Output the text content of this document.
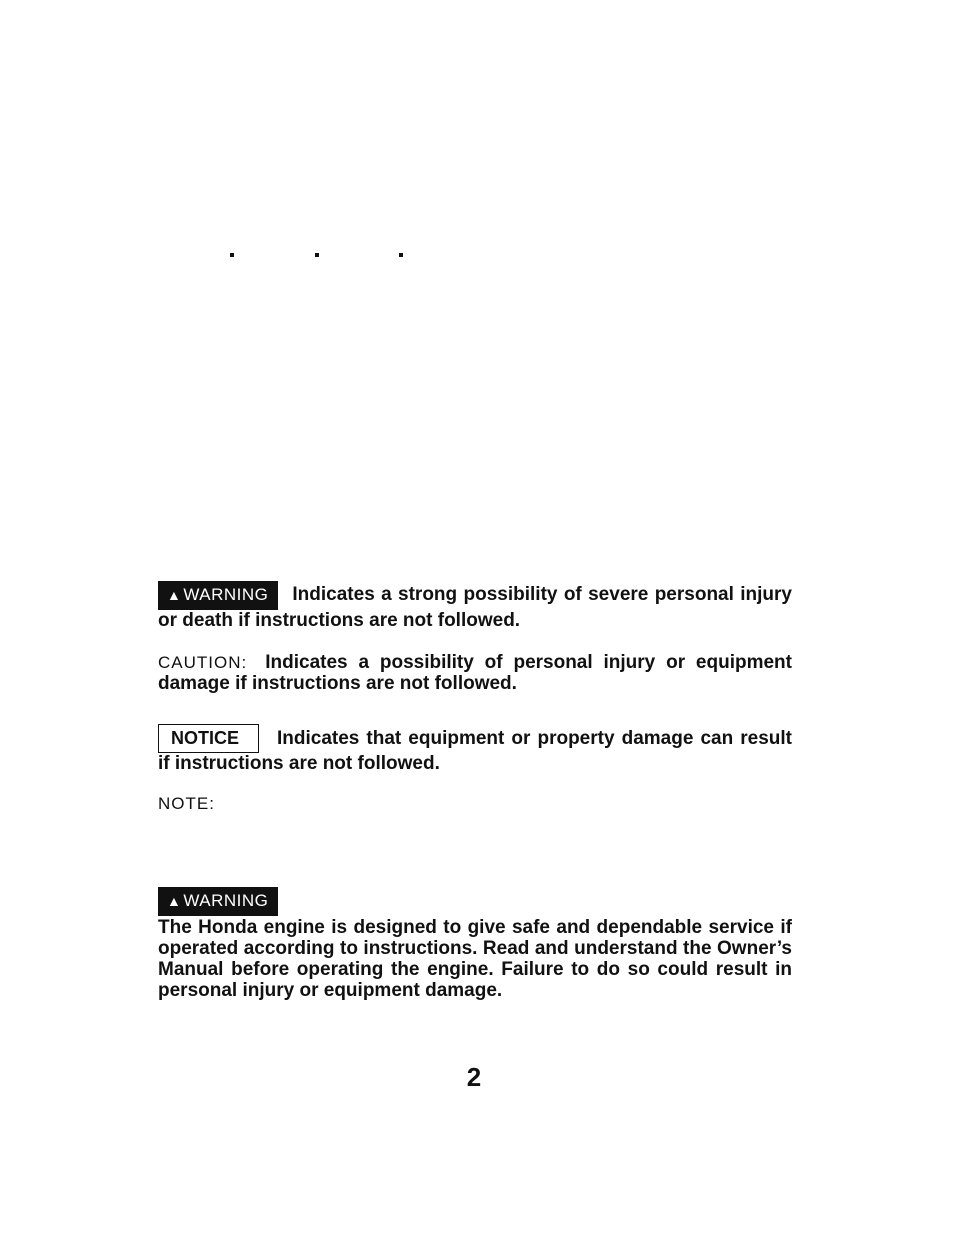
▲ WARNING Indicates a strong possibility of severe personal injury or death if instructions are not followed.
CAUTION: Indicates a possibility of personal injury or equipment damage if instructions are not followed.
NOTICE Indicates that equipment or property damage can result if instructions are not followed.
NOTE:
▲ WARNING
The Honda engine is designed to give safe and dependable service if operated according to instructions. Read and understand the Owner’s Manual before operating the engine. Failure to do so could result in personal injury or equipment damage.
2
